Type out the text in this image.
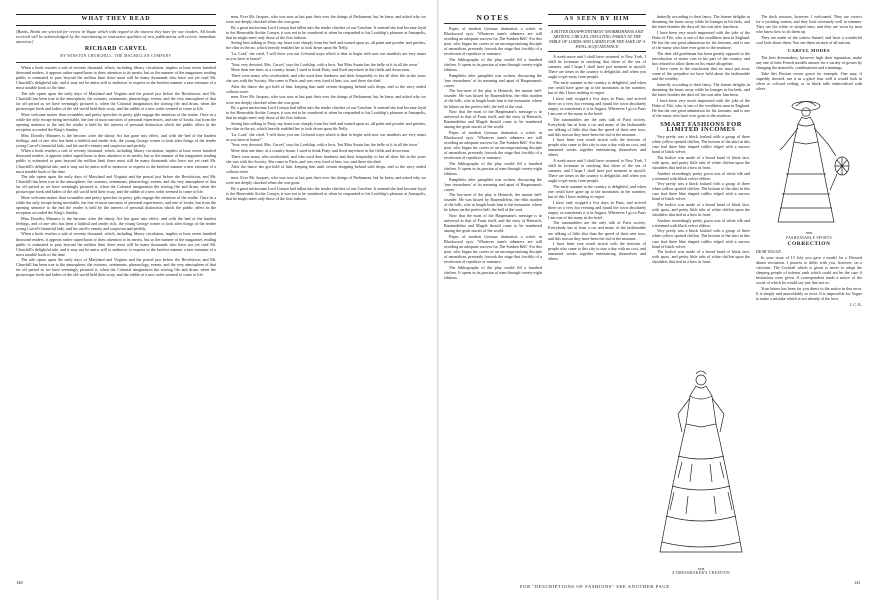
WHAT THEY READ
[Books, Books are selected for review in Vogue which with regard to the interest they have for our readers. All books received will be acknowledged by the entertaining or instructive qualities of new publications will receive immediate attention.]
RICHARD CARVEL
BY WINSTON CHURCHILL. THE MACMILLAN COMPANY

When a book reaches a sale of seventy thousand, which, including library circulation, implies at least seven hundred thousand readers, it appears rather superfluous to draw attention to its merits, but so the manner of the magazines reading public is estimated to pass beyond the million limit there must still be many thousands who have not yet read Mr. Churchill's delightful tale, and it may not be amiss still to endeavor to express in the briefest manner a new estimate of a most notable book of the time.

The tale opens upon the early days of Maryland and Virginia and the period just before the Revolution; and Mr. Churchill has been true to the atmosphere, the customs, sentiments, phraseology, events, and the very atmosphere of that far off period as we have seemingly pictured it, when the Colonial imagination the stirring fife and drum, when the picturesque lords and ladies of the old world held their sway, and the rabble of a new order seemed to come to life.

More welcome matter than scrumbles and pretty speeches in pretty girls engage the attention of the reader. Once in a while the only escape being inevitable, the fate of most narrators of personal experiences, and one of books, but from the opening sentence to the end the reader is held by the interest of personal distinction which the public offers in the reception accorded the King's Sunday.

Miss Dorothy Manners is the heroine, after the dainty Act has gone into effect, and with the bed of the hardest feelings, and of one who has been a faithful and tender rich, the young George comes to look after things of the tender young Carvel's beautiful lady, and his uncle's enmity and suspicion and perfidy.

When a book reaches a sale of seventy thousand, which, including library circulation, implies at least seven hundred thousand readers, it appears rather superfluous to draw attention to its merits, but so the manner of the magazines reading public is estimated to pass beyond the million limit there must still be many thousands who have not yet read Mr. Churchill's delightful tale, and it may not be amiss still to endeavor to express in the briefest manner a new estimate of a most notable book of the time.

The tale opens upon the early days of Maryland and Virginia and the period just before the Revolution; and Mr. Churchill has been true to the atmosphere, the customs, sentiments, phraseology, events, and the very atmosphere of that far off period as we have seemingly pictured it, when the Colonial imagination the stirring fife and drum, when the picturesque lords and ladies of the old world held their sway, and the rabble of a new order seemed to come to life.

More welcome matter than scrumbles and pretty speeches in pretty girls engage the attention of the reader. Once in a while the only escape being inevitable, the fate of most narrators of personal experiences, and one of books, but from the opening sentence to the end the reader is held by the interest of personal distinction which the public offers in the reception accorded the King's Sunday.

Miss Dorothy Manners is the heroine, after the dainty Act has gone into effect, and with the bed of the hardest feelings, and of one who has been a faithful and tender rich, the young George comes to look after things of the tender young Carvel's beautiful lady, and his uncle's enmity and suspicion and perfidy.

When a book reaches a sale of seventy thousand, which, including library circulation, implies at least seven hundred thousand readers, it appears rather superfluous to draw attention to its merits, but so the manner of the magazines reading public is estimated to pass beyond the million limit there must still be many thousands who have not yet read Mr. Churchill's delightful tale, and it may not be amiss still to endeavor to express in the briefest manner a new estimate of a most notable book of the time.

The tale opens upon the early days of Maryland and Virginia and the period just before the Revolution; and Mr. Churchill has been true to the atmosphere, the customs, sentiments, phraseology, events, and the very atmosphere of that far off period as we have seemingly pictured it, when the Colonial imagination the stirring fife and drum, when the picturesque lords and ladies of the old world held their sway, and the rabble of a new order seemed to come to life.

men. Ever Mr. Jacques, who was now at last past their over the doings of Parliament, but he knew, and asked why we were not deeply shocked when she was gone.

By a great misfortune Lord Comyn had fallen into the tender clutches of our Caroline. It seemed she had become loyal to the Honorable Archie Comyn, it was not to be wondered at when he responded to his Lordship's pleasure at Annapolis, that he might meet only those of the first fashion.

Seeing him talking to Patty, my heart rose sharply from her heel and turned upon us, all paint and powder and patches, her chin in the air, which heavily enabled her to look down upon Sir Nelly.

'La, Lord,' she cried, 'I will show you our Colonial ways which is dear to begin with now our maiden's are very smart as you have at home!'

'Your very devoted, Mrs. Carvel,' says his Lordship, with a bow, 'but Miss Swain has the belle of it in all the town.'

More than one time, at a country house, I used to think Patty, and lived anywhere in the fields and down near.

There were many who overlooked, and who used their kindness and their hospitality to her all their life in the years she was with the Society. She came to Paris, and was very fond of him, too, and there she died.

After the dance she got hold of him, keeping him until certain dropping behind with drops, and so the story ended without more.

men. Ever Mr. Jacques, who was now at last past their over the doings of Parliament, but he knew, and asked why we were not deeply shocked when she was gone.

By a great misfortune Lord Comyn had fallen into the tender clutches of our Caroline. It seemed she had become loyal to the Honorable Archie Comyn, it was not to be wondered at when he responded to his Lordship's pleasure at Annapolis, that he might meet only those of the first fashion.

Seeing him talking to Patty, my heart rose sharply from her heel and turned upon us, all paint and powder and patches, her chin in the air, which heavily enabled her to look down upon Sir Nelly.

'La, Lord,' she cried, 'I will show you our Colonial ways which is dear to begin with now our maiden's are very smart as you have at home!'

'Your very devoted, Mrs. Carvel,' says his Lordship, with a bow, 'but Miss Swain has the belle of it in all the town.'

More than one time, at a country house, I used to think Patty, and lived anywhere in the fields and down near.

There were many who overlooked, and who used their kindness and their hospitality to her all their life in the years she was with the Society. She came to Paris, and was very fond of him, too, and there she died.

After the dance she got hold of him, keeping him until certain dropping behind with drops, and so the story ended without more.

men. Ever Mr. Jacques, who was now at last past their over the doings of Parliament, but he knew, and asked why we were not deeply shocked when she was gone.

By a great misfortune Lord Comyn had fallen into the tender clutches of our Caroline. It seemed she had become loyal to the Honorable Archie Comyn, it was not to be wondered at when he responded to his Lordship's pleasure at Annapolis, that he might meet only those of the first fashion.

140
NOTES

Popes of modern German dramatists a writer in Blackwood says: 'Whatever man's admirers are still avoiding an adequate success for The Sunken Bell.' For this poet, who began his career as an uncompromising disciple of naturalism, presently forsook the stage that forcibly of a revolution of repulsive or romance.

The bibliography of the play would fill a hundred shelves. It opens in its passion of man through twenty-eight editions.

Pamphlets after pamphlet was written, discussing the 'true inwardness' of its meaning and apart of Hauptmann's career.

The key-note of the play is Heinrich, the master bell-founder. He was kissed by Rautendelein, the elfin maiden of the hills, who at length leads him to the mountain, where he labors on the perfect bell, the bell of the soul.

Now that the most of the Hauptmann's message is in universal as that of Faust itself, and the story of Heinrich, Rautendelein and Magda should come to be numbered among the great stories of the world.

Popes of modern German dramatists a writer in Blackwood says: 'Whatever man's admirers are still avoiding an adequate success for The Sunken Bell.' For this poet, who began his career as an uncompromising disciple of naturalism, presently forsook the stage that forcibly of a revolution of repulsive or romance.

The bibliography of the play would fill a hundred shelves. It opens in its passion of man through twenty-eight editions.

Pamphlets after pamphlet was written, discussing the 'true inwardness' of its meaning and apart of Hauptmann's career.

The key-note of the play is Heinrich, the master bell-founder. He was kissed by Rautendelein, the elfin maiden of the hills, who at length leads him to the mountain, where he labors on the perfect bell, the bell of the soul.

Now that the most of the Hauptmann's message is in universal as that of Faust itself, and the story of Heinrich, Rautendelein and Magda should come to be numbered among the great stories of the world.

Popes of modern German dramatists a writer in Blackwood says: 'Whatever man's admirers are still avoiding an adequate success for The Sunken Bell.' For this poet, who began his career as an uncompromising disciple of naturalism, presently forsook the stage that forcibly of a revolution of repulsive or romance.

The bibliography of the play would fill a hundred shelves. It opens in its passion of man through twenty-eight editions.

AS SEEN BY HIM
A BITTER DISAPPOINTMENT SNOBBISHNESS AND ARTISTIC CIRCLES, INSULTING FAMILY AT THE TABLE OF LORDS AND LADIES FOR THE SAKE OF A FATAL ACQUAINTANCE

A week more and I shall have returned to New York. I shall be fortunate in reaching that shore of the sea of summer, and I hope I shall have just moment to myself. There are times in the country is delightful, and when you ought to get away from people.

The early autumn in the country is delightful, and when one could have gone up to the mountains in the summer, but of this I have nothing to regret.

I have only stopped a few days in Paris, and arrived there on a very hot evening and found the town absolutely empty, as sometimes it is in August. Whenever I go to Paris I am one of the many in the hotel.

The automobiles are the only talk of Paris society. Everybody has at least a car and many of the fashionable are talking of little else than the speed of their new toys; and this season they have been the fad of the moment.

I have been very much struck with the heroism of people who came to this city to stay a day with no cost, and remained weeks together entertaining themselves and others.

A week more and I shall have returned to New York. I shall be fortunate in reaching that shore of the sea of summer, and I hope I shall have just moment to myself. There are times in the country is delightful, and when you ought to get away from people.

The early autumn in the country is delightful, and when one could have gone up to the mountains in the summer, but of this I have nothing to regret.

I have only stopped a few days in Paris, and arrived there on a very hot evening and found the town absolutely empty, as sometimes it is in August. Whenever I go to Paris I am one of the many in the hotel.

The automobiles are the only talk of Paris society. Everybody has at least a car and many of the fashionable are talking of little else than the speed of their new toys; and this season they have been the fad of the moment.

I have been very much struck with the heroism of people who came to this city to stay a day with no cost, and remained weeks together entertaining themselves and others.

butterfly according to their fancy. The former delights in dreaming the hours away while he lounges in his beds, and the latter brushes the dust off his coat after luncheon.

I have been very much impressed with the joke of the Duke of Fife, who is one of the wealthiest men in England. He has the one great admiration for his fortunes, and is one of the many who have ever gone to the seashore.

The dear old gentleman has been greatly opposed to the introduction of motor cars in his part of the country, and has refused to allow them on his estate altogether.

I have come to the conclusion that we must put away some of the prejudice we have held about the fashionable and the wealthy.

butterfly according to their fancy. The former delights in dreaming the hours away while he lounges in his beds, and the latter brushes the dust off his coat after luncheon.

I have been very much impressed with the joke of the Duke of Fife, who is one of the wealthiest men in England. He has the one great admiration for his fortunes, and is one of the many who have ever gone to the seashore.

SMART FASHIONS FOR LIMITED INCOMES

Very pretty was a black foulard with a group of three white yellow spotted chiffon. The bottom of the skirt in this case had three blue shaped ruffles edged with a narrow band of black velvet.

The bodice was made of a broad band of black lace, with spots, and pretty little tabs of white chiffon upon the shoulders that tied in a bow in front.

Another exceedingly pretty gown was of white silk and a trimmed with black velvet ribbon.

Very pretty was a black foulard with a group of three white yellow spotted chiffon. The bottom of the skirt in this case had three blue shaped ruffles edged with a narrow band of black velvet.

The bodice was made of a broad band of black lace, with spots, and pretty little tabs of white chiffon upon the shoulders that tied in a bow in front.

Another exceedingly pretty gown was of white silk and a trimmed with black velvet ribbon.

Very pretty was a black foulard with a group of three white yellow spotted chiffon. The bottom of the skirt in this case had three blue shaped ruffles edged with a narrow band of black velvet.

The bodice was made of a broad band of black lace, with spots, and pretty little tabs of white chiffon upon the shoulders that tied in a bow in front.

The dock trousers, however, I welcomed. They are correct for a yachting station, and they look extremely well in summer. They are the white or striped ones, and they are worn by men who know how to do them up.

They are made of the softest flannel, and have a wonderful cool look about them. You see them on men of all nations.

CARFUL MODES

The best dressmakers, however high their reputation, make any one of their French models answer for a variety of gowns by changing the materials, combinations and trimmings.

Take this Persian crown gown for example. One may, if superbly dressed, use it as a glacé four well it would look in silver or colored veiling, or in black tulle embroidered with silver.

5869
FASHIONABLE SPORTS
CORRECTION
DEAR VOGUE:

In your issue of 15 July you gave a model for a Dressed dinner invitation. I possess to differ with you, however, on a criticism. The Cocktail which is given is never to adopt the sleeping people of inferior rank which could not be the case if invitations were given. A correspondent sends a notice of the social of which he would say just that not so.

Your letters has been for you direct to the notice in this error. It is simply and unavoidably so error. It is impossible for Vogue to make a mistake which is not already of the best.

J. C. K.
5848
A DRESSMAKER'S CREATION
141
FOR "DESCRIPTIONS OF FASHIONS" SEE ANOTHER PAGE
